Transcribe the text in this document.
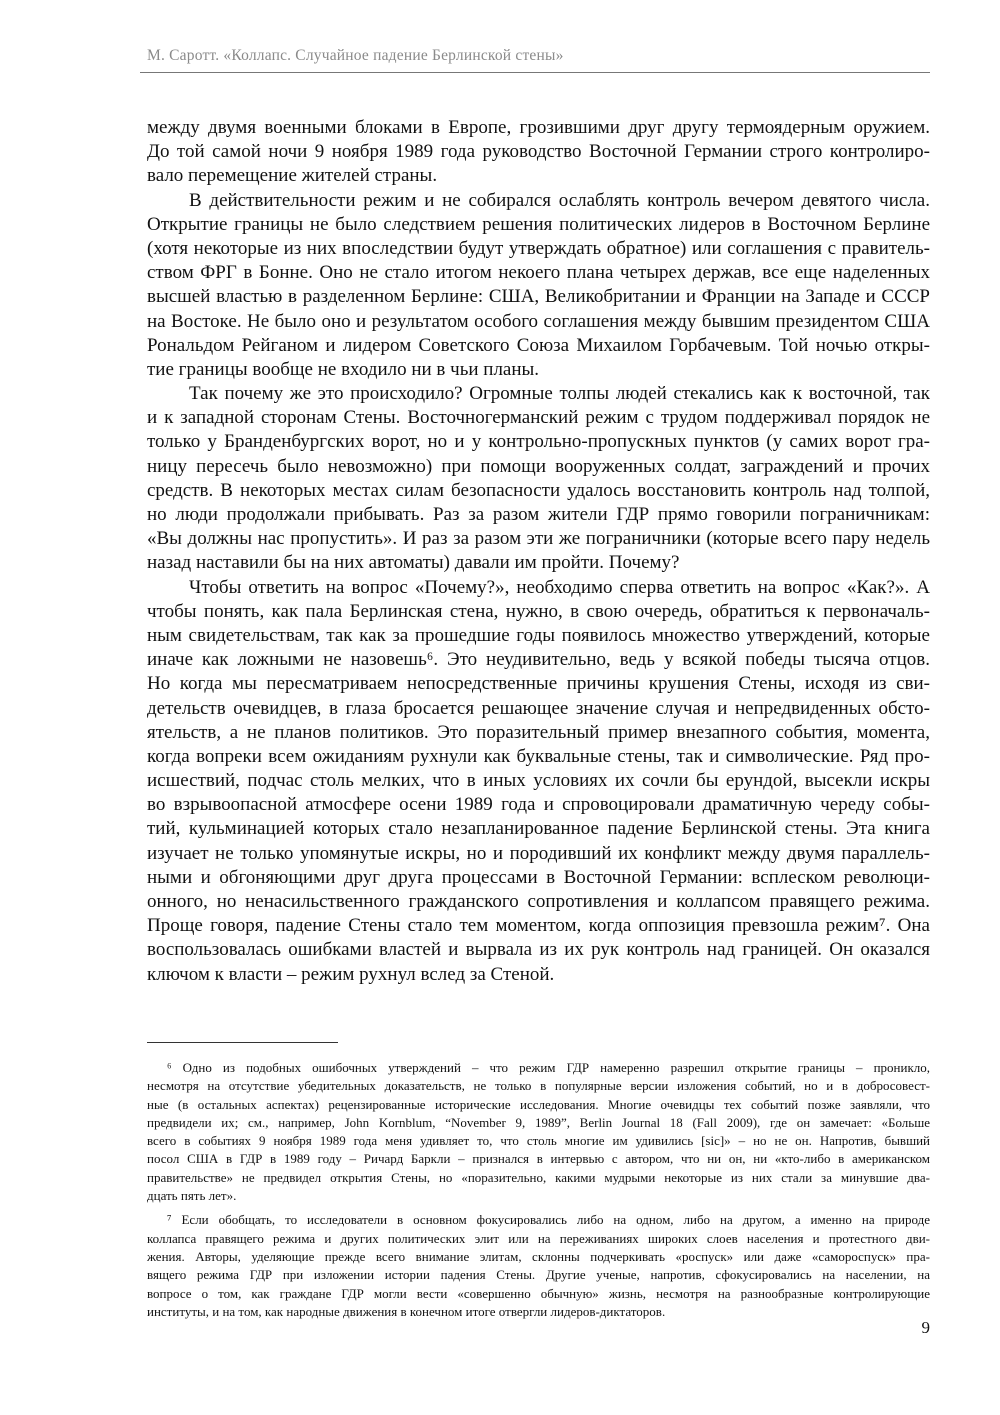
М. Саротт. «Коллапс. Случайное падение Берлинской стены»
между двумя военными блоками в Европе, грозившими друг другу термоядерным оружием.
До той самой ночи 9 ноября 1989 года руководство Восточной Германии строго контролиро-
вало перемещение жителей страны.
В действительности режим и не собирался ослаблять контроль вечером девятого числа.
Открытие границы не было следствием решения политических лидеров в Восточном Берлине
(хотя некоторые из них впоследствии будут утверждать обратное) или соглашения с правитель-
ством ФРГ в Бонне. Оно не стало итогом некоего плана четырех держав, все еще наделенных
высшей властью в разделенном Берлине: США, Великобритании и Франции на Западе и СССР
на Востоке. Не было оно и результатом особого соглашения между бывшим президентом США
Рональдом Рейганом и лидером Советского Союза Михаилом Горбачевым. Той ночью откры-
тие границы вообще не входило ни в чьи планы.
Так почему же это происходило? Огромные толпы людей стекались как к восточной, так
и к западной сторонам Стены. Восточногерманский режим с трудом поддерживал порядок не
только у Бранденбургских ворот, но и у контрольно-пропускных пунктов (у самих ворот гра-
ницу пересечь было невозможно) при помощи вооруженных солдат, заграждений и прочих
средств. В некоторых местах силам безопасности удалось восстановить контроль над толпой,
но люди продолжали прибывать. Раз за разом жители ГДР прямо говорили пограничникам:
«Вы должны нас пропустить». И раз за разом эти же пограничники (которые всего пару недель
назад наставили бы на них автоматы) давали им пройти. Почему?
Чтобы ответить на вопрос «Почему?», необходимо сперва ответить на вопрос «Как?». А
чтобы понять, как пала Берлинская стена, нужно, в свою очередь, обратиться к первоначаль-
ным свидетельствам, так как за прошедшие годы появилось множество утверждений, которые
иначе как ложными не назовешь⁶. Это неудивительно, ведь у всякой победы тысяча отцов.
Но когда мы пересматриваем непосредственные причины крушения Стены, исходя из сви-
детельств очевидцев, в глаза бросается решающее значение случая и непредвиденных обсто-
ятельств, а не планов политиков. Это поразительный пример внезапного события, момента,
когда вопреки всем ожиданиям рухнули как буквальные стены, так и символические. Ряд про-
исшествий, подчас столь мелких, что в иных условиях их сочли бы ерундой, высекли искры
во взрывоопасной атмосфере осени 1989 года и спровоцировали драматичную череду собы-
тий, кульминацией которых стало незапланированное падение Берлинской стены. Эта книга
изучает не только упомянутые искры, но и породивший их конфликт между двумя параллель-
ными и обгоняющими друг друга процессами в Восточной Германии: всплеском революци-
онного, но ненасильственного гражданского сопротивления и коллапсом правящего режима.
Проще говоря, падение Стены стало тем моментом, когда оппозиция превзошла режим⁷. Она
воспользовалась ошибками властей и вырвала из их рук контроль над границей. Он оказался
ключом к власти – режим рухнул вслед за Стеной.
⁶ Одно из подобных ошибочных утверждений – что режим ГДР намеренно разрешил открытие границы – проникло,
несмотря на отсутствие убедительных доказательств, не только в популярные версии изложения событий, но и в добросовест-
ные (в остальных аспектах) рецензированные исторические исследования. Многие очевидцы тех событий позже заявляли, что
предвидели их; см., например, John Kornblum, “November 9, 1989”, Berlin Journal 18 (Fall 2009), где он замечает: «Больше
всего в событиях 9 ноября 1989 года меня удивляет то, что столь многие им удивились [sic]» – но не он. Напротив, бывший
посол США в ГДР в 1989 году – Ричард Баркли – признался в интервью с автором, что ни он, ни «кто-либо в американском
правительстве» не предвидел открытия Стены, но «поразительно, какими мудрыми некоторые из них стали за минувшие два-
дцать пять лет».
⁷ Если обобщать, то исследователи в основном фокусировались либо на одном, либо на другом, а именно на природе
коллапса правящего режима и других политических элит или на переживаниях широких слоев населения и протестного дви-
жения. Авторы, уделяющие прежде всего внимание элитам, склонны подчеркивать «роспуск» или даже «самороспуск» пра-
вящего режима ГДР при изложении истории падения Стены. Другие ученые, напротив, сфокусировались на населении, на
вопросе о том, как граждане ГДР могли вести «совершенно обычную» жизнь, несмотря на разнообразные контролирующие
институты, и на том, как народные движения в конечном итоге отвергли лидеров-диктаторов.
9
